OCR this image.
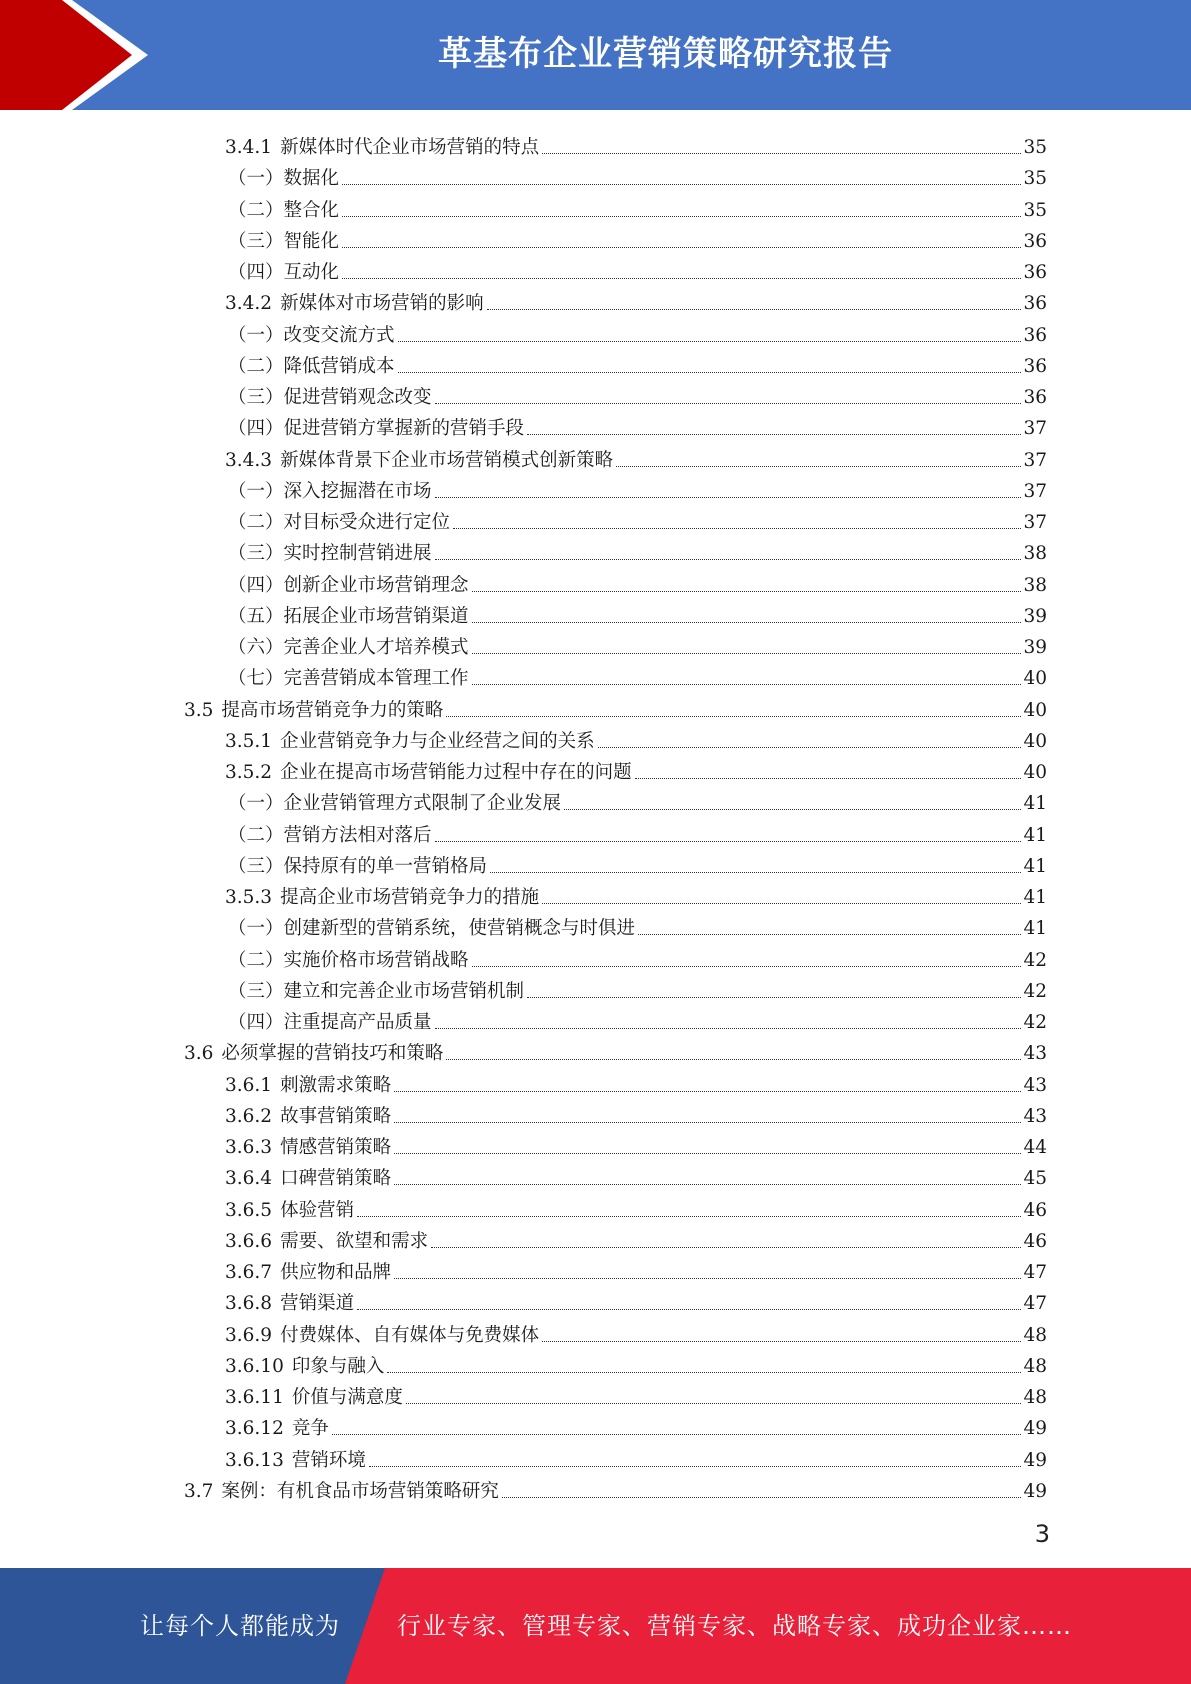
革基布企业营销策略研究报告
3.4.1 新媒体时代企业市场营销的特点	35
（一） 数据化	35
（二） 整合化	35
（三） 智能化	36
（四） 互动化	36
3.4.2 新媒体对市场营销的影响	36
（一） 改变交流方式	36
（二） 降低营销成本	36
（三） 促进营销观念改变	36
（四） 促进营销方掌握新的营销手段	37
3.4.3 新媒体背景下企业市场营销模式创新策略	37
（一） 深入挖掘潜在市场	37
（二） 对目标受众进行定位	37
（三） 实时控制营销进展	38
（四） 创新企业市场营销理念	38
（五） 拓展企业市场营销渠道	39
（六） 完善企业人才培养模式	39
（七） 完善营销成本管理工作	40
3.5 提高市场营销竞争力的策略	40
3.5.1 企业营销竞争力与企业经营之间的关系	40
3.5.2 企业在提高市场营销能力过程中存在的问题	40
（一） 企业营销管理方式限制了企业发展	41
（二） 营销方法相对落后	41
（三） 保持原有的单一营销格局	41
3.5.3 提高企业市场营销竞争力的措施	41
（一） 创建新型的营销系统，使营销概念与时俱进	41
（二） 实施价格市场营销战略	42
（三） 建立和完善企业市场营销机制	42
（四） 注重提高产品质量	42
3.6 必须掌握的营销技巧和策略	43
3.6.1 刺激需求策略	43
3.6.2 故事营销策略	43
3.6.3 情感营销策略	44
3.6.4 口碑营销策略	45
3.6.5 体验营销	46
3.6.6 需要、欲望和需求	46
3.6.7 供应物和品牌	47
3.6.8 营销渠道	47
3.6.9 付费媒体、自有媒体与免费媒体	48
3.6.10 印象与融入	48
3.6.11 价值与满意度	48
3.6.12 竞争	49
3.6.13 营销环境	49
3.7 案例：有机食品市场营销策略研究	49
3
让每个人都能成为 行业专家、管理专家、营销专家、战略专家、成功企业家……
